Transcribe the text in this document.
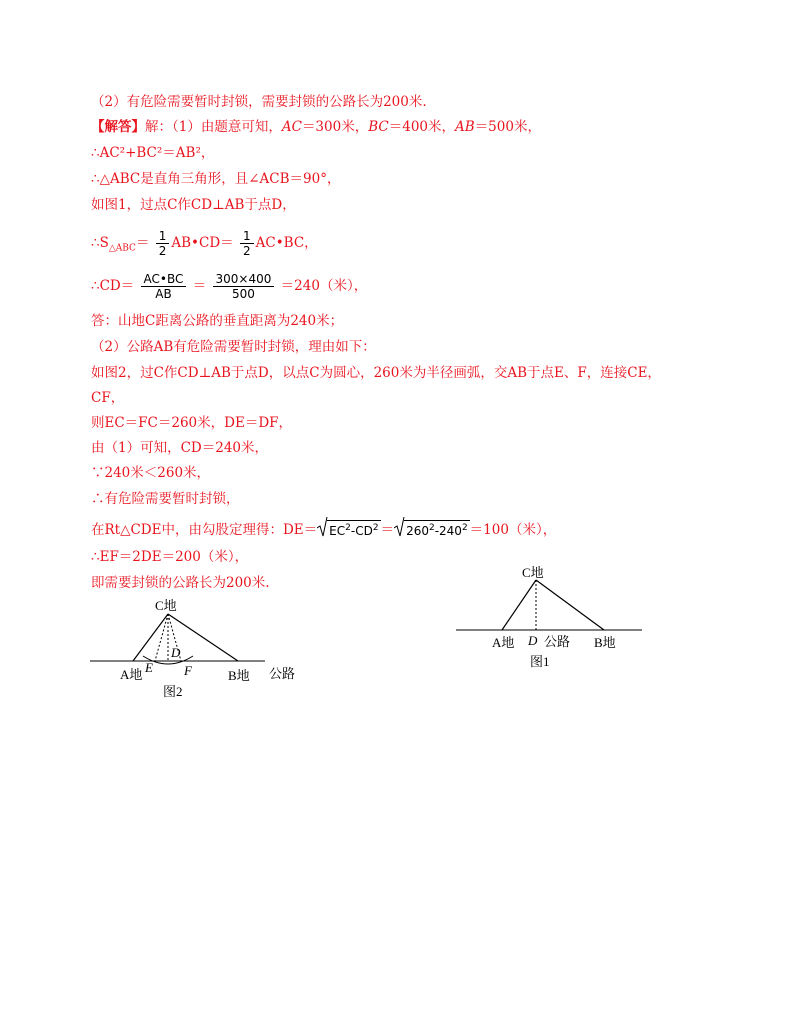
（2）有危险需要暂时封锁，需要封锁的公路长为200米.
【解答】解：（1）由题意可知，AC＝300米，BC＝400米，AB＝500米，
∴AC²+BC²＝AB²，
∴△ABC是直角三角形，且∠ACB＝90°，
如图1，过点C作CD⊥AB于点D，
$\therefore S_{\triangle ABC}= \frac{1}{2}$ AB•CD＝ $\frac{1}{2}$ AC•BC，
∴CD＝ $\frac{AC•BC}{AB} = \frac{300\times 400}{500} =240$（米），
答：山地C距离公路的垂直距离为240米；
（2）公路AB有危险需要暂时封锁，理由如下：
如图2，过C作CD⊥AB于点D，以点C为圆心，260米为半径画弧，交AB于点E、F，连接CE，
CF，
则EC＝FC＝260米，DE＝DF，
由（1）可知，CD＝240米，
∵240米＜260米，
∴有危险需要暂时封锁，
在Rt△CDE中，由勾股定理得：$DE= EC^2-CD^2 = 260^2-240^2 =100$（米），
∴EF＝2DE＝200（米），
即需要封锁的公路长为200米.
C地
D
A地 E F	B地 公路
图2
C地
A地 D 公路 B地
图1
